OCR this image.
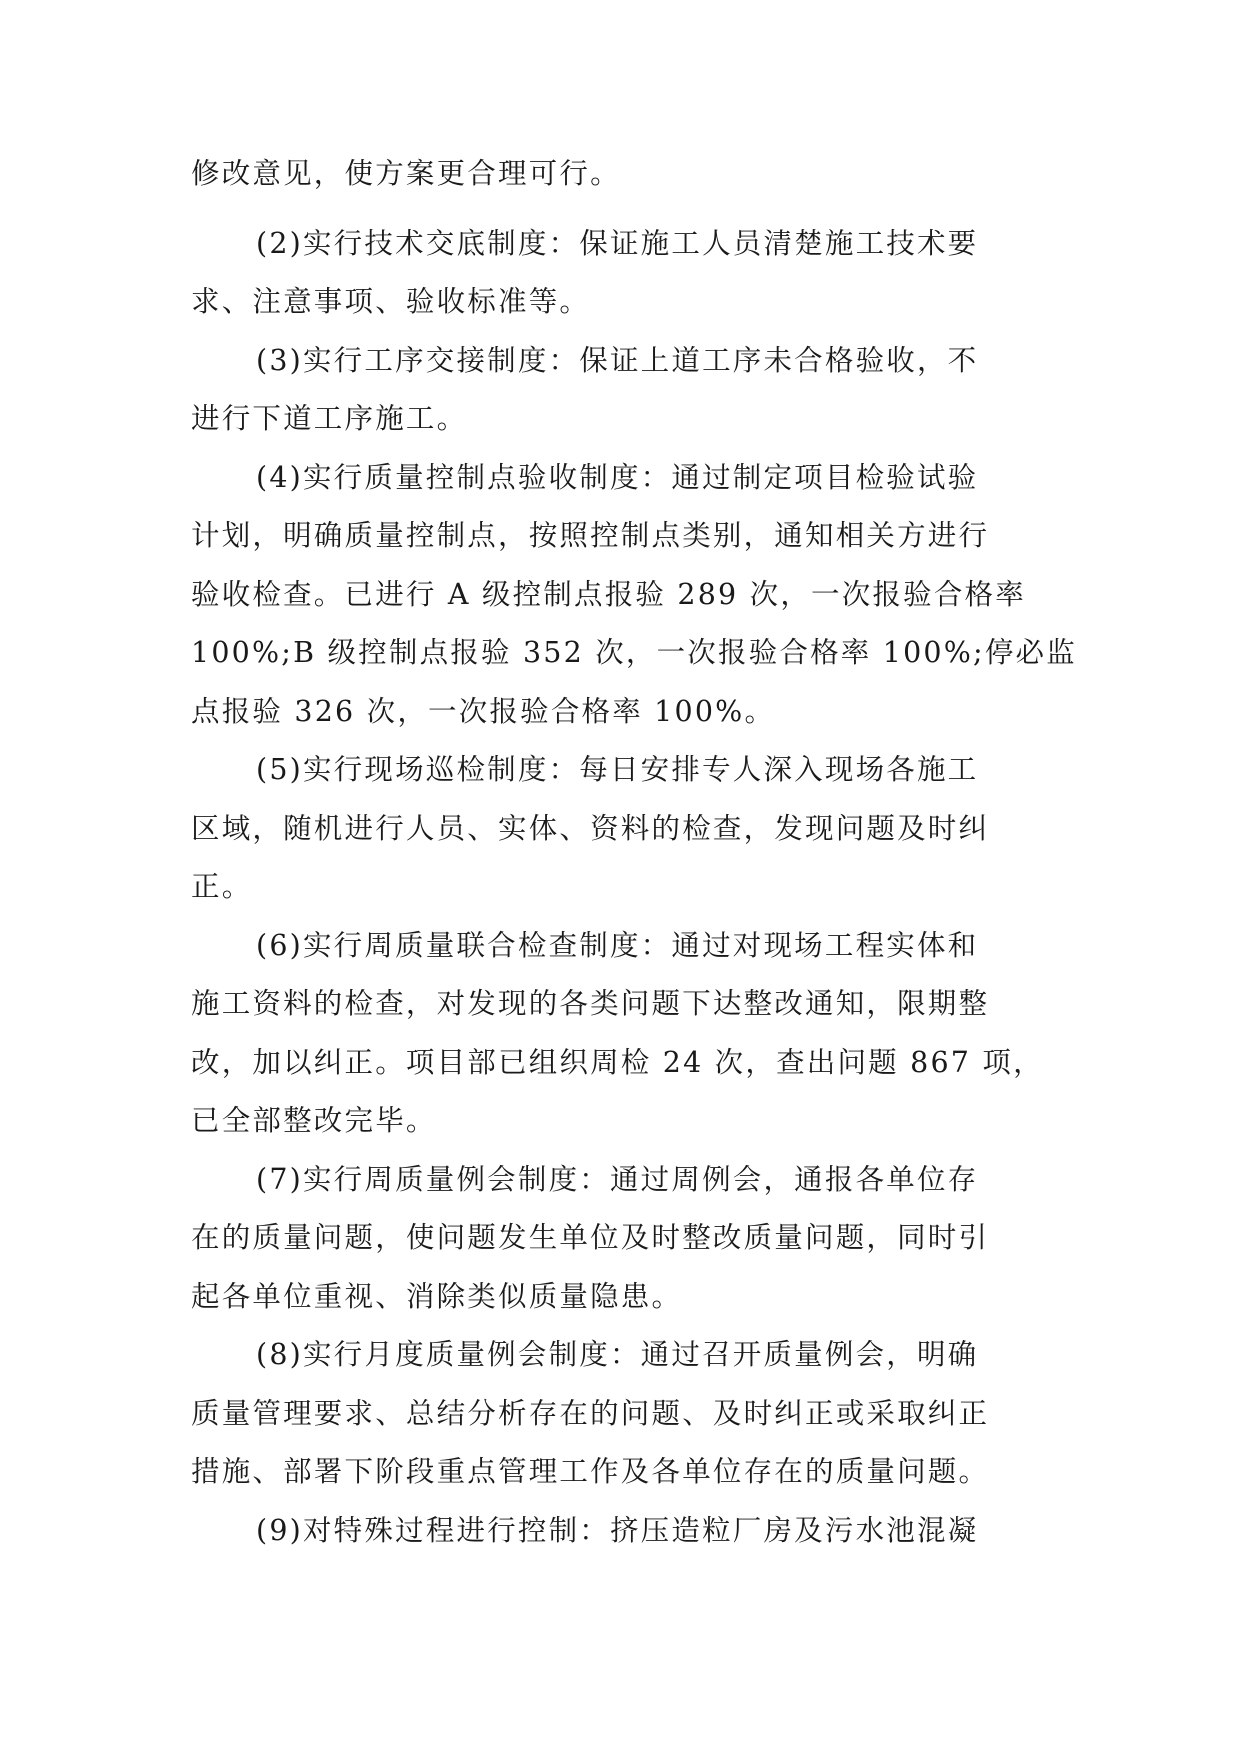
修改意见，使方案更合理可行。
(2)实行技术交底制度：保证施工人员清楚施工技术要
求、注意事项、验收标准等。
(3)实行工序交接制度：保证上道工序未合格验收，不
进行下道工序施工。
(4)实行质量控制点验收制度：通过制定项目检验试验
计划，明确质量控制点，按照控制点类别，通知相关方进行
验收检查。已进行 A 级控制点报验 289 次，一次报验合格率
100%;B 级控制点报验 352 次，一次报验合格率 100%;停必监
点报验 326 次，一次报验合格率 100%。
(5)实行现场巡检制度：每日安排专人深入现场各施工
区域，随机进行人员、实体、资料的检查，发现问题及时纠
正。
(6)实行周质量联合检查制度：通过对现场工程实体和
施工资料的检查，对发现的各类问题下达整改通知，限期整
改，加以纠正。项目部已组织周检 24 次，查出问题 867 项，
已全部整改完毕。
(7)实行周质量例会制度：通过周例会，通报各单位存
在的质量问题，使问题发生单位及时整改质量问题，同时引
起各单位重视、消除类似质量隐患。
(8)实行月度质量例会制度：通过召开质量例会，明确
质量管理要求、总结分析存在的问题、及时纠正或采取纠正
措施、部署下阶段重点管理工作及各单位存在的质量问题。
(9)对特殊过程进行控制：挤压造粒厂房及污水池混凝
